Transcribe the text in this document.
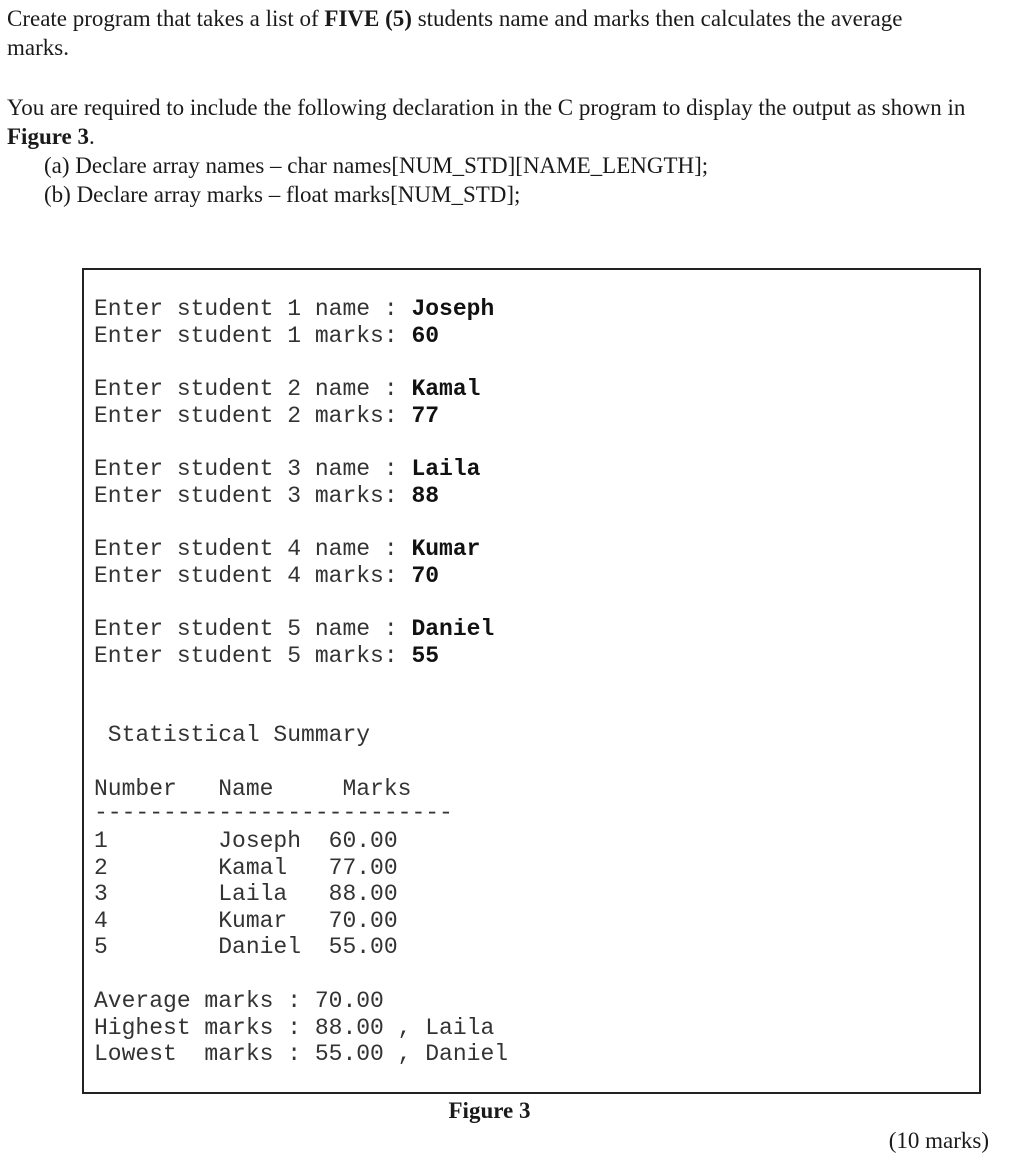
Create program that takes a list of FIVE (5) students name and marks then calculates the average marks.
You are required to include the following declaration in the C program to display the output as shown in Figure 3.
(a) Declare array names – char names[NUM_STD][NAME_LENGTH];
(b) Declare array marks – float marks[NUM_STD];
Enter student 1 name : Joseph
Enter student 1 marks: 60
Enter student 2 name : Kamal
Enter student 2 marks: 77
Enter student 3 name : Laila
Enter student 3 marks: 88
Enter student 4 name : Kumar
Enter student 4 marks: 70
Enter student 5 name : Daniel
Enter student 5 marks: 55
Statistical Summary
Number   Name     Marks
--------------------------
1        Joseph  60.00
2        Kamal   77.00
3        Laila   88.00
4        Kumar   70.00
5        Daniel  55.00
Average marks : 70.00
Highest marks : 88.00 , Laila
Lowest  marks : 55.00 , Daniel
Figure 3
(10 marks)
